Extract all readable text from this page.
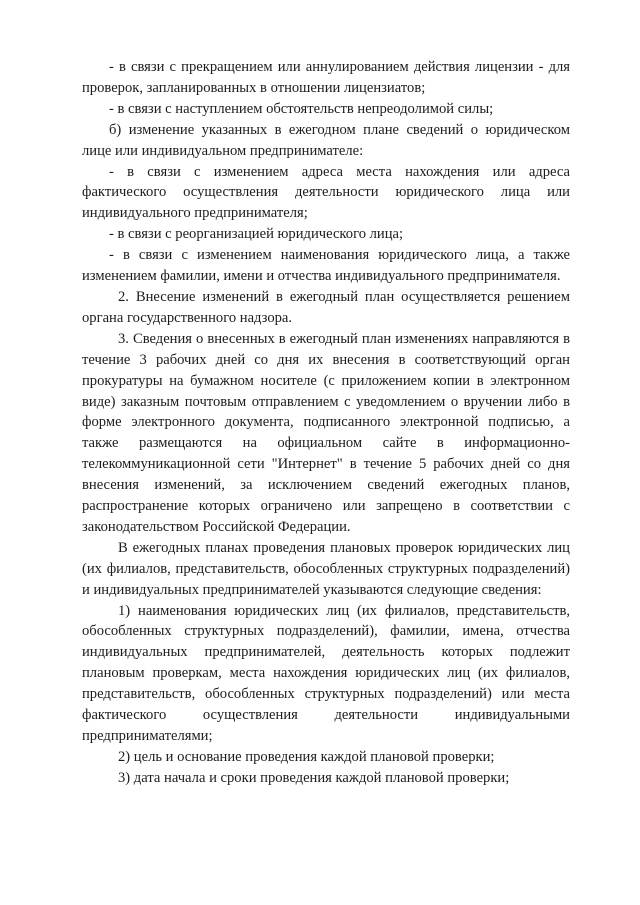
- в связи с прекращением или аннулированием действия лицензии - для проверок, запланированных в отношении лицензиатов;

- в связи с наступлением обстоятельств непреодолимой силы;

б) изменение указанных в ежегодном плане сведений о юридическом лице или индивидуальном предпринимателе:

- в связи с изменением адреса места нахождения или адреса фактического осуществления деятельности юридического лица или индивидуального предпринимателя;

- в связи с реорганизацией юридического лица;

- в связи с изменением наименования юридического лица, а также изменением фамилии, имени и отчества индивидуального предпринимателя.

2. Внесение изменений в ежегодный план осуществляется решением органа государственного надзора.

3. Сведения о внесенных в ежегодный план изменениях направляются в течение 3 рабочих дней со дня их внесения в соответствующий орган прокуратуры на бумажном носителе (с приложением копии в электронном виде) заказным почтовым отправлением с уведомлением о вручении либо в форме электронного документа, подписанного электронной подписью, а также размещаются на официальном сайте в информационно-телекоммуникационной сети "Интернет" в течение 5 рабочих дней со дня внесения изменений, за исключением сведений ежегодных планов, распространение которых ограничено или запрещено в соответствии с законодательством Российской Федерации.

В ежегодных планах проведения плановых проверок юридических лиц (их филиалов, представительств, обособленных структурных подразделений) и индивидуальных предпринимателей указываются следующие сведения:

1) наименования юридических лиц (их филиалов, представительств, обособленных структурных подразделений), фамилии, имена, отчества индивидуальных предпринимателей, деятельность которых подлежит плановым проверкам, места нахождения юридических лиц (их филиалов, представительств, обособленных структурных подразделений) или места фактического осуществления деятельности индивидуальными предпринимателями;

2) цель и основание проведения каждой плановой проверки;

3) дата начала и сроки проведения каждой плановой проверки;
